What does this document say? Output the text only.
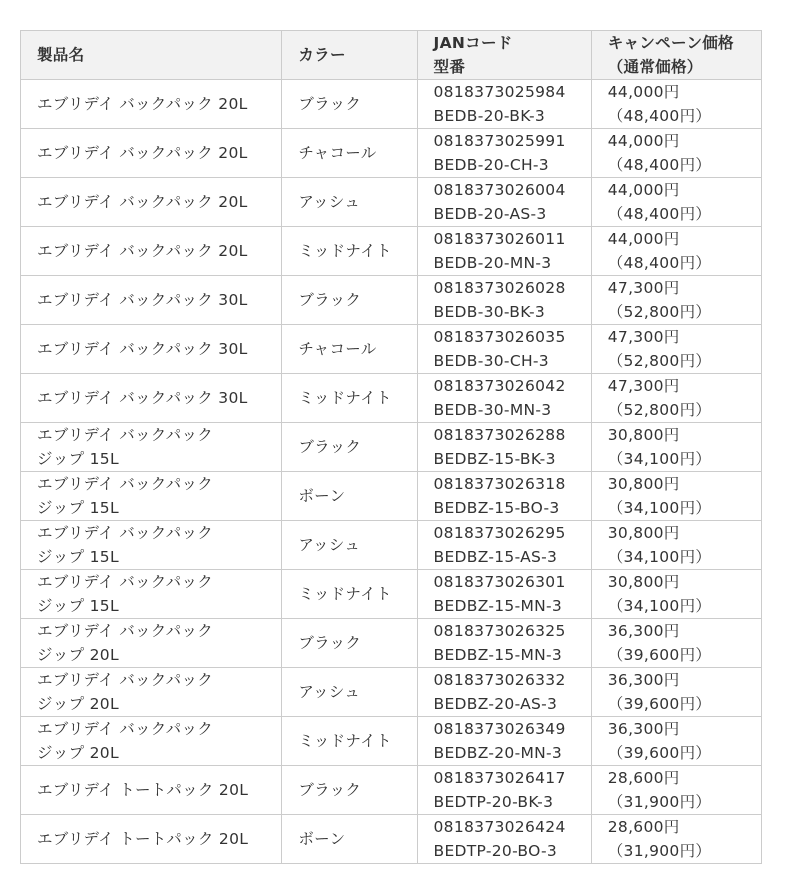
製品名	カラー	JANコード
型番	キャンペーン価格
（通常価格）

エブリデイ バックパック 20L	ブラック	0818373025984
BEDB-20-BK-3	44,000円
（48,400円）

エブリデイ バックパック 20L	チャコール	0818373025991
BEDB-20-CH-3	44,000円
（48,400円）

エブリデイ バックパック 20L	アッシュ	0818373026004
BEDB-20-AS-3	44,000円
（48,400円）

エブリデイ バックパック 20L	ミッドナイト	0818373026011
BEDB-20-MN-3	44,000円
（48,400円）

エブリデイ バックパック 30L	ブラック	0818373026028
BEDB-30-BK-3	47,300円
（52,800円）

エブリデイ バックパック 30L	チャコール	0818373026035
BEDB-30-CH-3	47,300円
（52,800円）

エブリデイ バックパック 30L	ミッドナイト	0818373026042
BEDB-30-MN-3	47,300円
（52,800円）

エブリデイ バックパック
ジップ 15L	ブラック	0818373026288
BEDBZ-15-BK-3	30,800円
（34,100円）

エブリデイ バックパック
ジップ 15L	ボーン	0818373026318
BEDBZ-15-BO-3	30,800円
（34,100円）

エブリデイ バックパック
ジップ 15L	アッシュ	0818373026295
BEDBZ-15-AS-3	30,800円
（34,100円）

エブリデイ バックパック
ジップ 15L	ミッドナイト	0818373026301
BEDBZ-15-MN-3	30,800円
（34,100円）

エブリデイ バックパック
ジップ 20L	ブラック	0818373026325
BEDBZ-15-MN-3	36,300円
（39,600円）

エブリデイ バックパック
ジップ 20L	アッシュ	0818373026332
BEDBZ-20-AS-3	36,300円
（39,600円）

エブリデイ バックパック
ジップ 20L	ミッドナイト	0818373026349
BEDBZ-20-MN-3	36,300円
（39,600円）

エブリデイ トートパック 20L	ブラック	0818373026417
BEDTP-20-BK-3	28,600円
（31,900円）

エブリデイ トートパック 20L	ボーン	0818373026424
BEDTP-20-BO-3	28,600円
（31,900円）
